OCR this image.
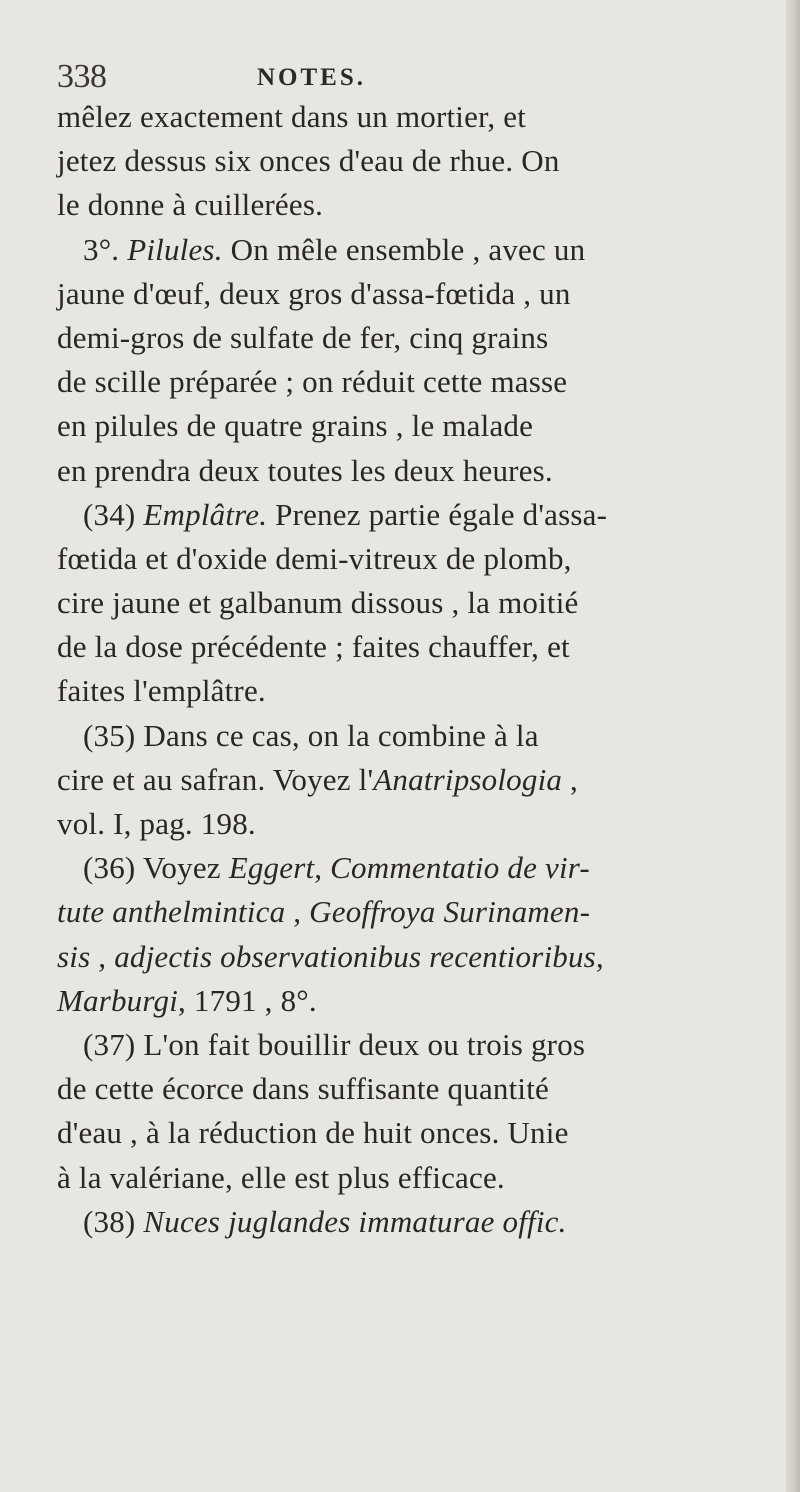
338	NOTES.
mêlez exactement dans un mortier, et
jetez dessus six onces d'eau de rhue. On
le donne à cuillerées.
3°. Pilules. On mêle ensemble , avec un
jaune d'œuf, deux gros d'assa-fœtida , un
demi-gros de sulfate de fer, cinq grains
de scille préparée ; on réduit cette masse
en pilules de quatre grains , le malade
en prendra deux toutes les deux heures.
(34) Emplâtre. Prenez partie égale d'assa-
fœtida et d'oxide demi-vitreux de plomb,
cire jaune et galbanum dissous , la moitié
de la dose précédente ; faites chauffer, et
faites l'emplâtre.
(35) Dans ce cas, on la combine à la
cire et au safran. Voyez l'Anatripsologia ,
vol. I, pag. 198.
(36) Voyez Eggert, Commentatio de vir-
tute anthelmintica , Geoffroya Surinamen-
sis , adjectis observationibus recentioribus,
Marburgi, 1791 , 8°.
(37) L'on fait bouillir deux ou trois gros
de cette écorce dans suffisante quantité
d'eau , à la réduction de huit onces. Unie
à la valériane, elle est plus efficace.
(38) Nuces juglandes immaturae offic.
